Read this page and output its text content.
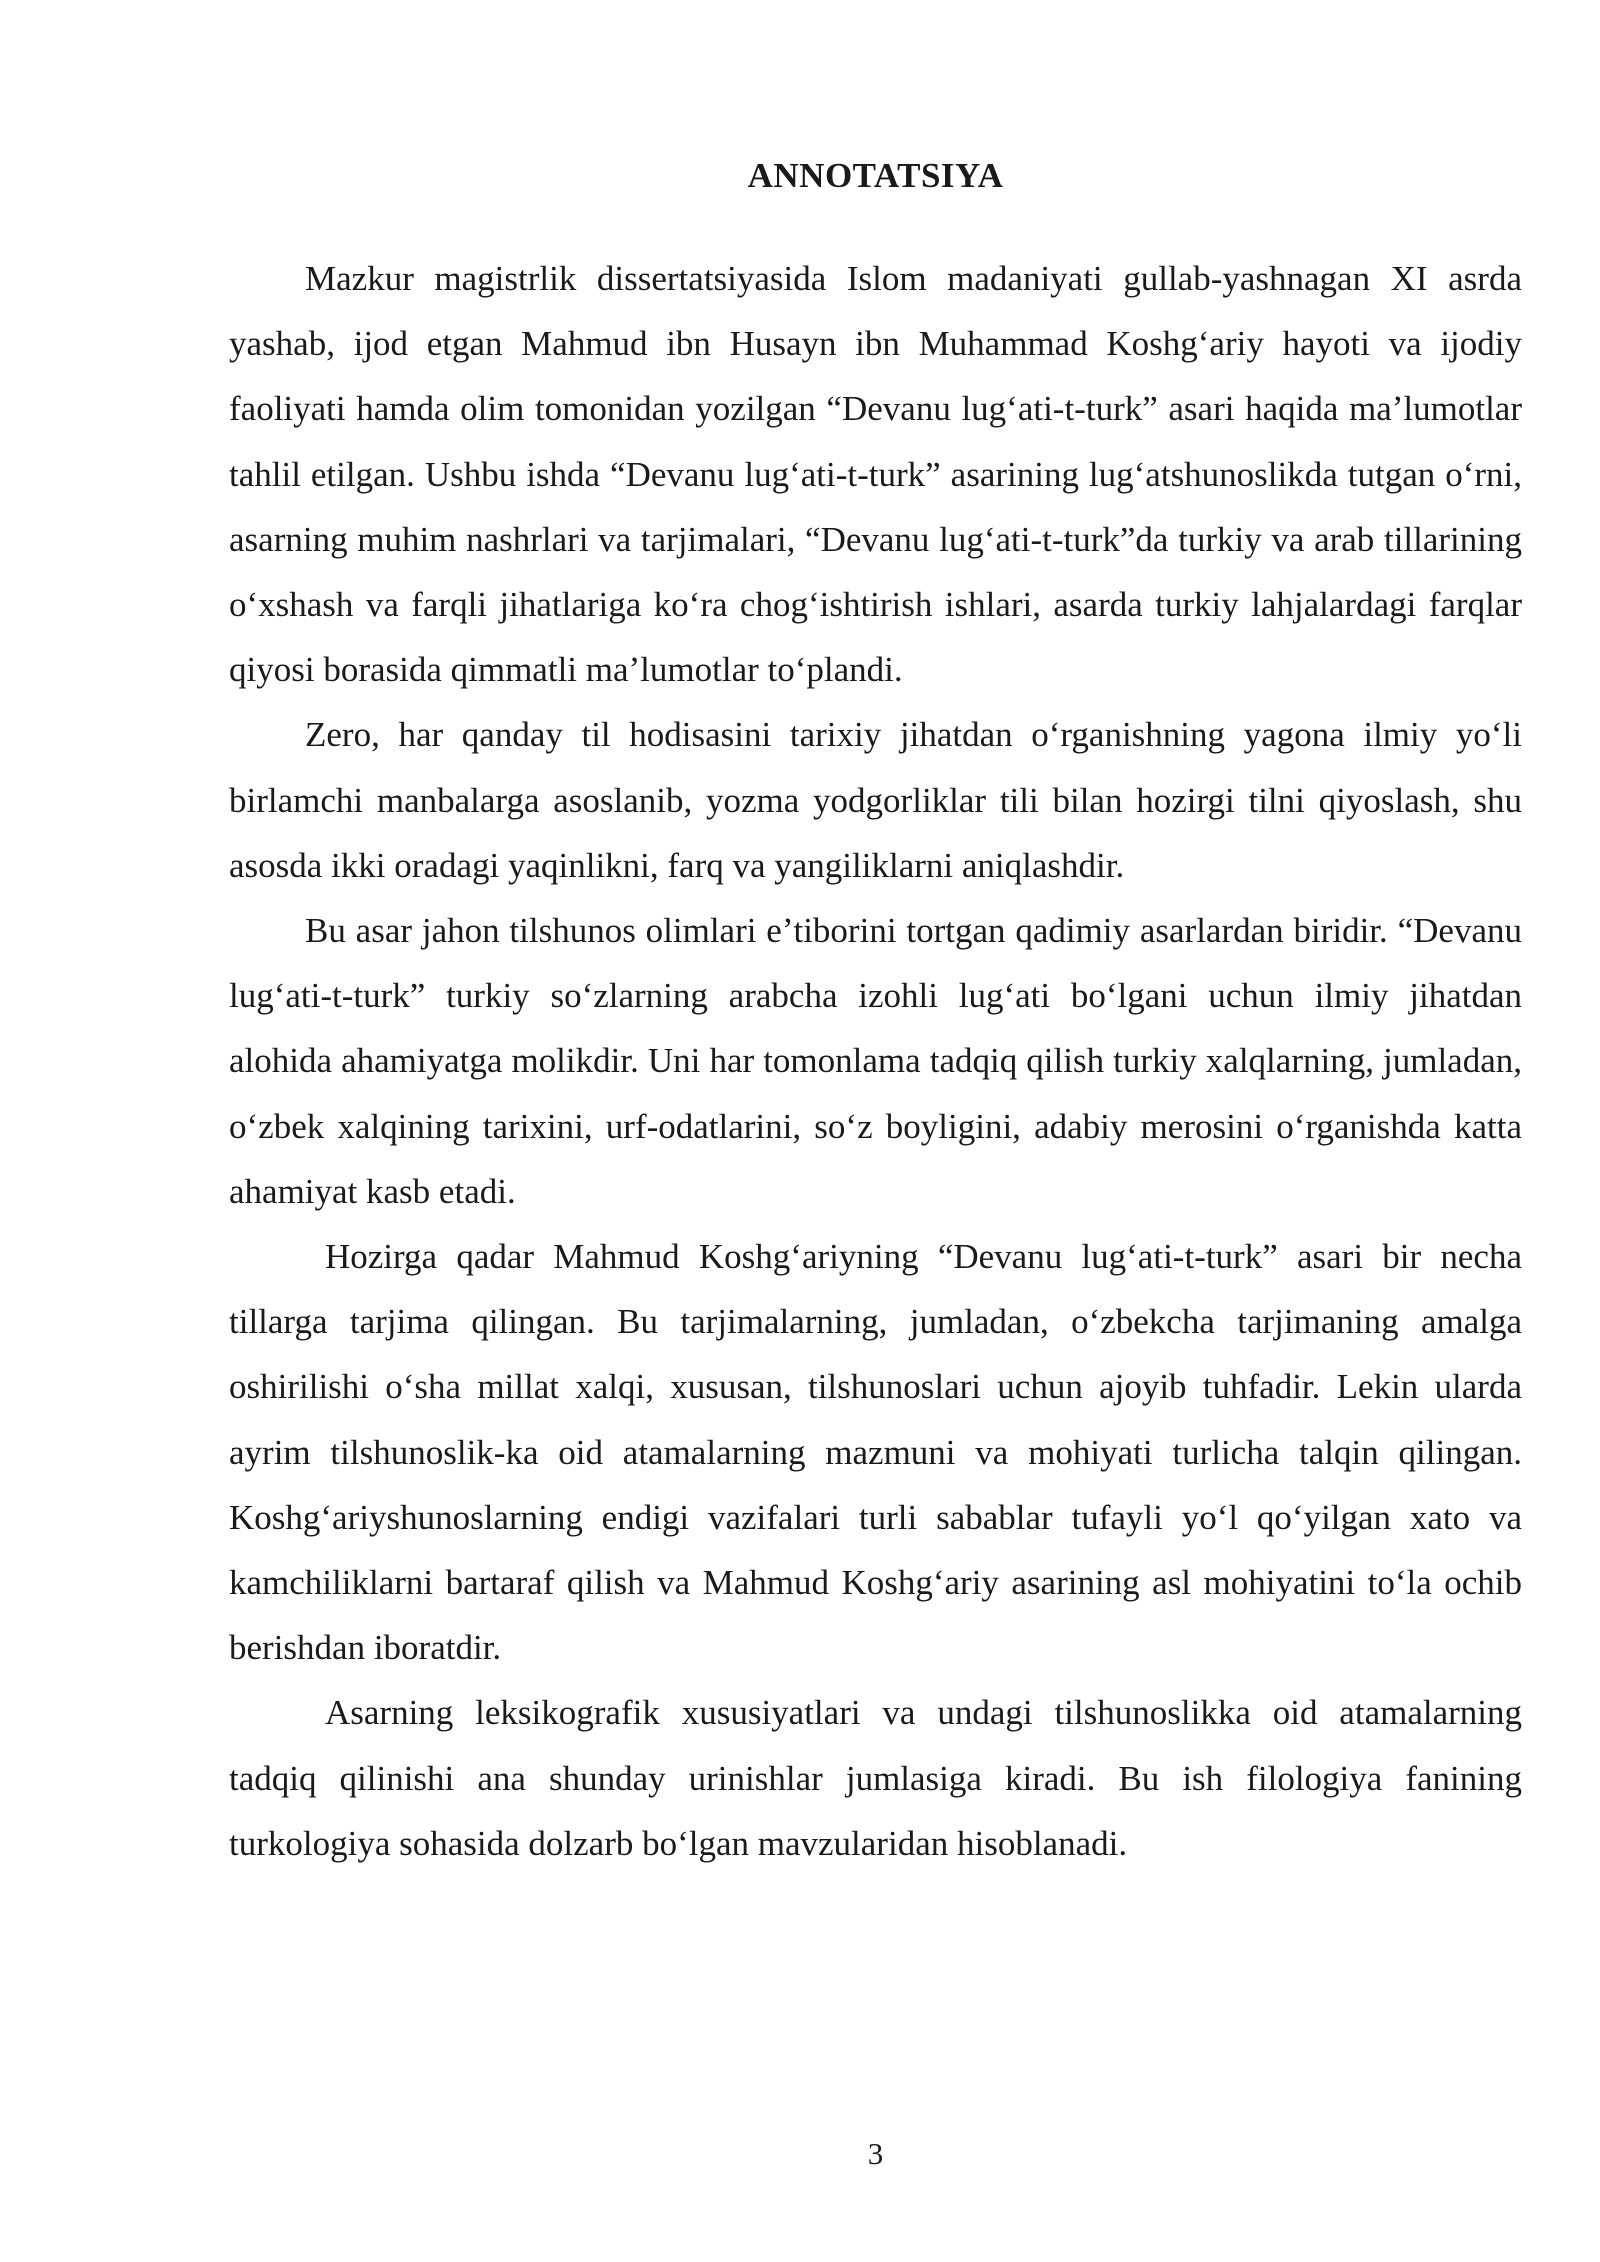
ANNOTATSIYA

Mazkur magistrlik dissertatsiyasida Islom madaniyati gullab-yashnagan XI asrda yashab, ijod etgan Mahmud ibn Husayn ibn Muhammad Koshgʻariy hayoti va ijodiy faoliyati hamda olim tomonidan yozilgan “Devanu lugʻati-t-turk” asari haqida maʼlumotlar tahlil etilgan. Ushbu ishda “Devanu lugʻati-t-turk” asarining lugʻatshunoslikda tutgan oʻrni, asarning muhim nashrlari va tarjimalari, “Devanu lugʻati-t-turk”da turkiy va arab tillarining oʻxshash va farqli jihatlariga koʻra chogʻishtirish ishlari, asarda turkiy lahjalardagi farqlar qiyosi borasida qimmatli maʼlumotlar toʻplandi.

Zero, har qanday til hodisasini tarixiy jihatdan oʻrganishning yagona ilmiy yoʻli birlamchi manbalarga asoslanib, yozma yodgorliklar tili bilan hozirgi tilni qiyoslash, shu asosda ikki oradagi yaqinlikni, farq va yangiliklarni aniqlashdir.

Bu asar jahon tilshunos olimlari eʼtiborini tortgan qadimiy asarlardan biridir. “Devanu lugʻati-t-turk” turkiy soʻzlarning arabcha izohli lugʻati boʻlgani uchun ilmiy jihatdan alohida ahamiyatga molikdir. Uni har tomonlama tadqiq qilish turkiy xalqlarning, jumladan, oʻzbek xalqining tarixini, urf-odatlarini, soʻz boyligini, adabiy merosini oʻrganishda katta ahamiyat kasb etadi.

Hozirga qadar Mahmud Koshgʻariyning “Devanu lugʻati-t-turk” asari bir necha tillarga tarjima qilingan. Bu tarjimalarning, jumladan, oʻzbekcha tarjimaning amalga oshirilishi oʻsha millat xalqi, xususan, tilshunoslari uchun ajoyib tuhfadir. Lekin ularda ayrim tilshunoslik-ka oid atamalarning mazmuni va mohiyati turlicha talqin qilingan. Koshgʻariyshunoslarning endigi vazifalari turli sabablar tufayli yoʻl qoʻyilgan xato va kamchiliklarni bartaraf qilish va Mahmud Koshgʻariy asarining asl mohiyatini toʻla ochib berishdan iboratdir.

Asarning leksikografik xususiyatlari va undagi tilshunoslikka oid atamalarning tadqiq qilinishi ana shunday urinishlar jumlasiga kiradi. Bu ish filologiya fanining turkologiya sohasida dolzarb boʻlgan mavzularidan hisoblanadi.

3
